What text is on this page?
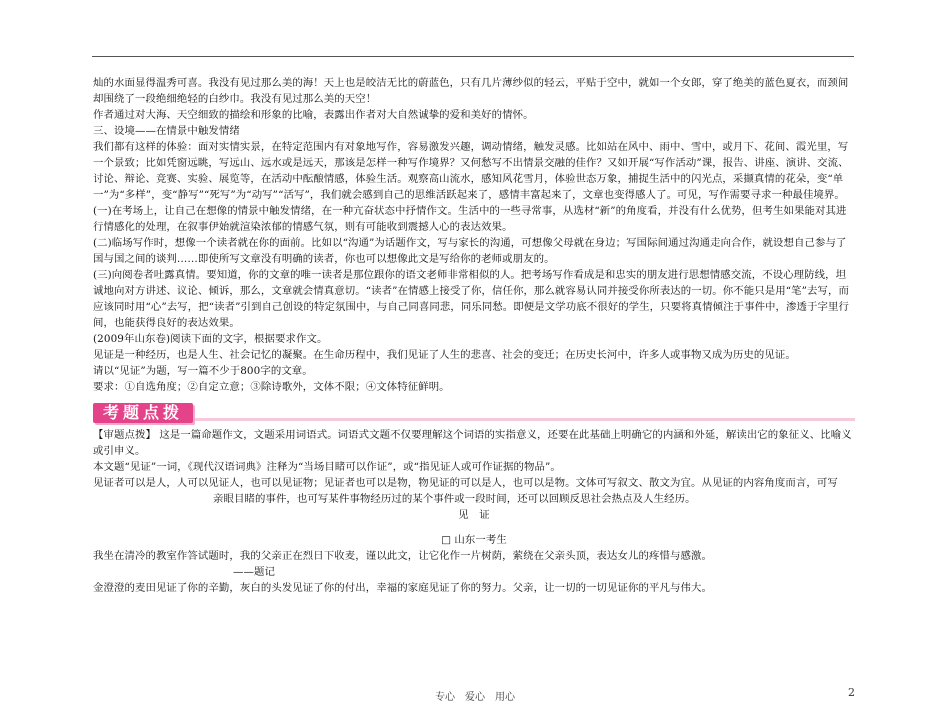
灿的水面显得温秀可喜。我没有见过那么美的海！天上也是皎洁无比的蔚蓝色，只有几片薄纱似的轻云，平贴于空中，就如一个女郎，穿了绝美的蓝色夏衣，而颈间却围绕了一段绝细绝轻的白纱巾。我没有见过那么美的天空！

作者通过对大海、天空细致的描绘和形象的比喻，表露出作者对大自然诚挚的爱和美好的情怀。

三、设境——在情景中触发情绪

我们都有这样的体验：面对实情实景，在特定范围内有对象地写作，容易激发兴趣，调动情绪，触发灵感。比如站在风中、雨中、雪中，或月下、花间、霞光里，写一个景致；比如凭窗远眺，写远山、远水或是远天，那该是怎样一种写作境界？又何愁写不出情景交融的佳作？又如开展“写作活动”课，报告、讲座、演讲、交流、讨论、辩论、竞赛、实验、展览等，在活动中酝酿情感，体验生活。观察高山流水，感知风花雪月，体验世态万象，捕捉生活中的闪光点，采撷真情的花朵，变“单一”为“多样”，变“静写”“死写”为“动写”“活写”，我们就会感到自己的思维活跃起来了，感情丰富起来了，文章也变得感人了。可见，写作需要寻求一种最佳境界。

(一)在考场上，让自己在想像的情景中触发情绪，在一种亢奋状态中抒情作文。生活中的一些寻常事，从选材“新”的角度看，并没有什么优势，但考生如果能对其进行情感化的处理，在叙事伊始就渲染浓郁的情感气氛，则有可能收到震撼人心的表达效果。

(二)临场写作时，想像一个读者就在你的面前。比如以“沟通”为话题作文，写与家长的沟通，可想像父母就在身边；写国际间通过沟通走向合作，就设想自己参与了国与国之间的谈判……即使所写文章没有明确的读者，你也可以想像此文是写给你的老师或朋友的。

(三)向阅卷者吐露真情。要知道，你的文章的唯一读者是那位跟你的语文老师非常相似的人。把考场写作看成是和忠实的朋友进行思想情感交流，不设心理防线，坦诚地向对方讲述、议论、倾诉，那么，文章就会情真意切。“读者”在情感上接受了你，信任你，那么就容易认同并接受你所表达的一切。你不能只是用“笔”去写，而应该同时用“心”去写，把“读者”引到自己创设的特定氛围中，与自己同喜同悲，同乐同愁。即便是文学功底不很好的学生，只要将真情倾注于事件中，渗透于字里行间，也能获得良好的表达效果。

(2009年山东卷)阅读下面的文字，根据要求作文。

见证是一种经历，也是人生、社会记忆的凝聚。在生命历程中，我们见证了人生的悲喜、社会的变迁；在历史长河中，许多人或事物又成为历史的见证。

请以“见证”为题，写一篇不少于800字的文章。

要求：①自选角度；②自定立意；③除诗歌外，文体不限；④文体特征鲜明。

考题点拨

【审题点拨】 这是一篇命题作文，文题采用词语式。词语式文题不仅要理解这个词语的实指意义，还要在此基础上明确它的内涵和外延，解读出它的象征义、比喻义或引申义。

本文题“见证”一词，《现代汉语词典》注释为“当场目睹可以作证”，或“指见证人或可作证据的物品”。

见证者可以是人，人可以见证人，也可以见证物；见证者也可以是物，物见证的可以是人，也可以是物。文体可写叙文、散文为宜。从见证的内容角度而言，可写

亲眼目睹的事件，也可写某件事物经历过的某个事件或一段时间，还可以回顾反思社会热点及人生经历。

见　证

□ 山东一考生

我坐在清冷的教室作答试题时，我的父亲正在烈日下收麦，谨以此文，让它化作一片树荫，萦绕在父亲头顶，表达女儿的疼惜与感激。

——题记

金澄澄的麦田见证了你的辛勤，灰白的头发见证了你的付出，幸福的家庭见证了你的努力。父亲，让一切的一切见证你的平凡与伟大。

专心　爱心　用心	2
